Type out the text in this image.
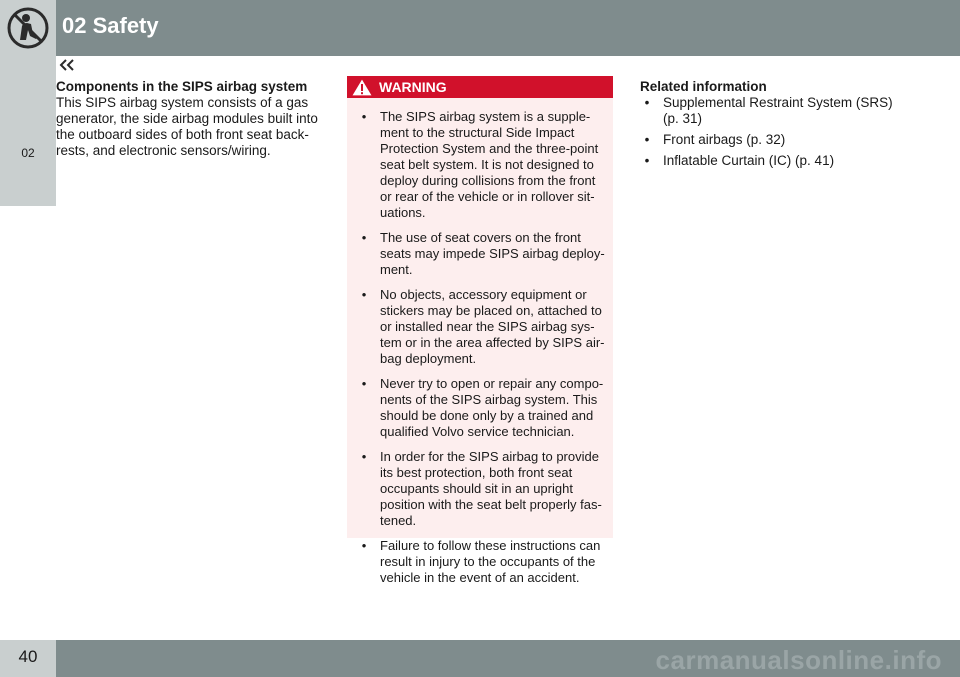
02 Safety
02
Components in the SIPS airbag system
This SIPS airbag system consists of a gas
generator, the side airbag modules built into
the outboard sides of both front seat back-
rests, and electronic sensors/wiring.
WARNING
•	The SIPS airbag system is a supple-
ment to the structural Side Impact
Protection System and the three-point
seat belt system. It is not designed to
deploy during collisions from the front
or rear of the vehicle or in rollover sit-
uations.
•	The use of seat covers on the front
seats may impede SIPS airbag deploy-
ment.
•	No objects, accessory equipment or
stickers may be placed on, attached to
or installed near the SIPS airbag sys-
tem or in the area affected by SIPS air-
bag deployment.
•	Never try to open or repair any compo-
nents of the SIPS airbag system. This
should be done only by a trained and
qualified Volvo service technician.
•	In order for the SIPS airbag to provide
its best protection, both front seat
occupants should sit in an upright
position with the seat belt properly fas-
tened.
•	Failure to follow these instructions can
result in injury to the occupants of the
vehicle in the event of an accident.
Related information
•	Supplemental Restraint System (SRS)
(p. 31)
•	Front airbags (p. 32)
•	Inflatable Curtain (IC) (p. 41)
40	carmanualsonline.info
